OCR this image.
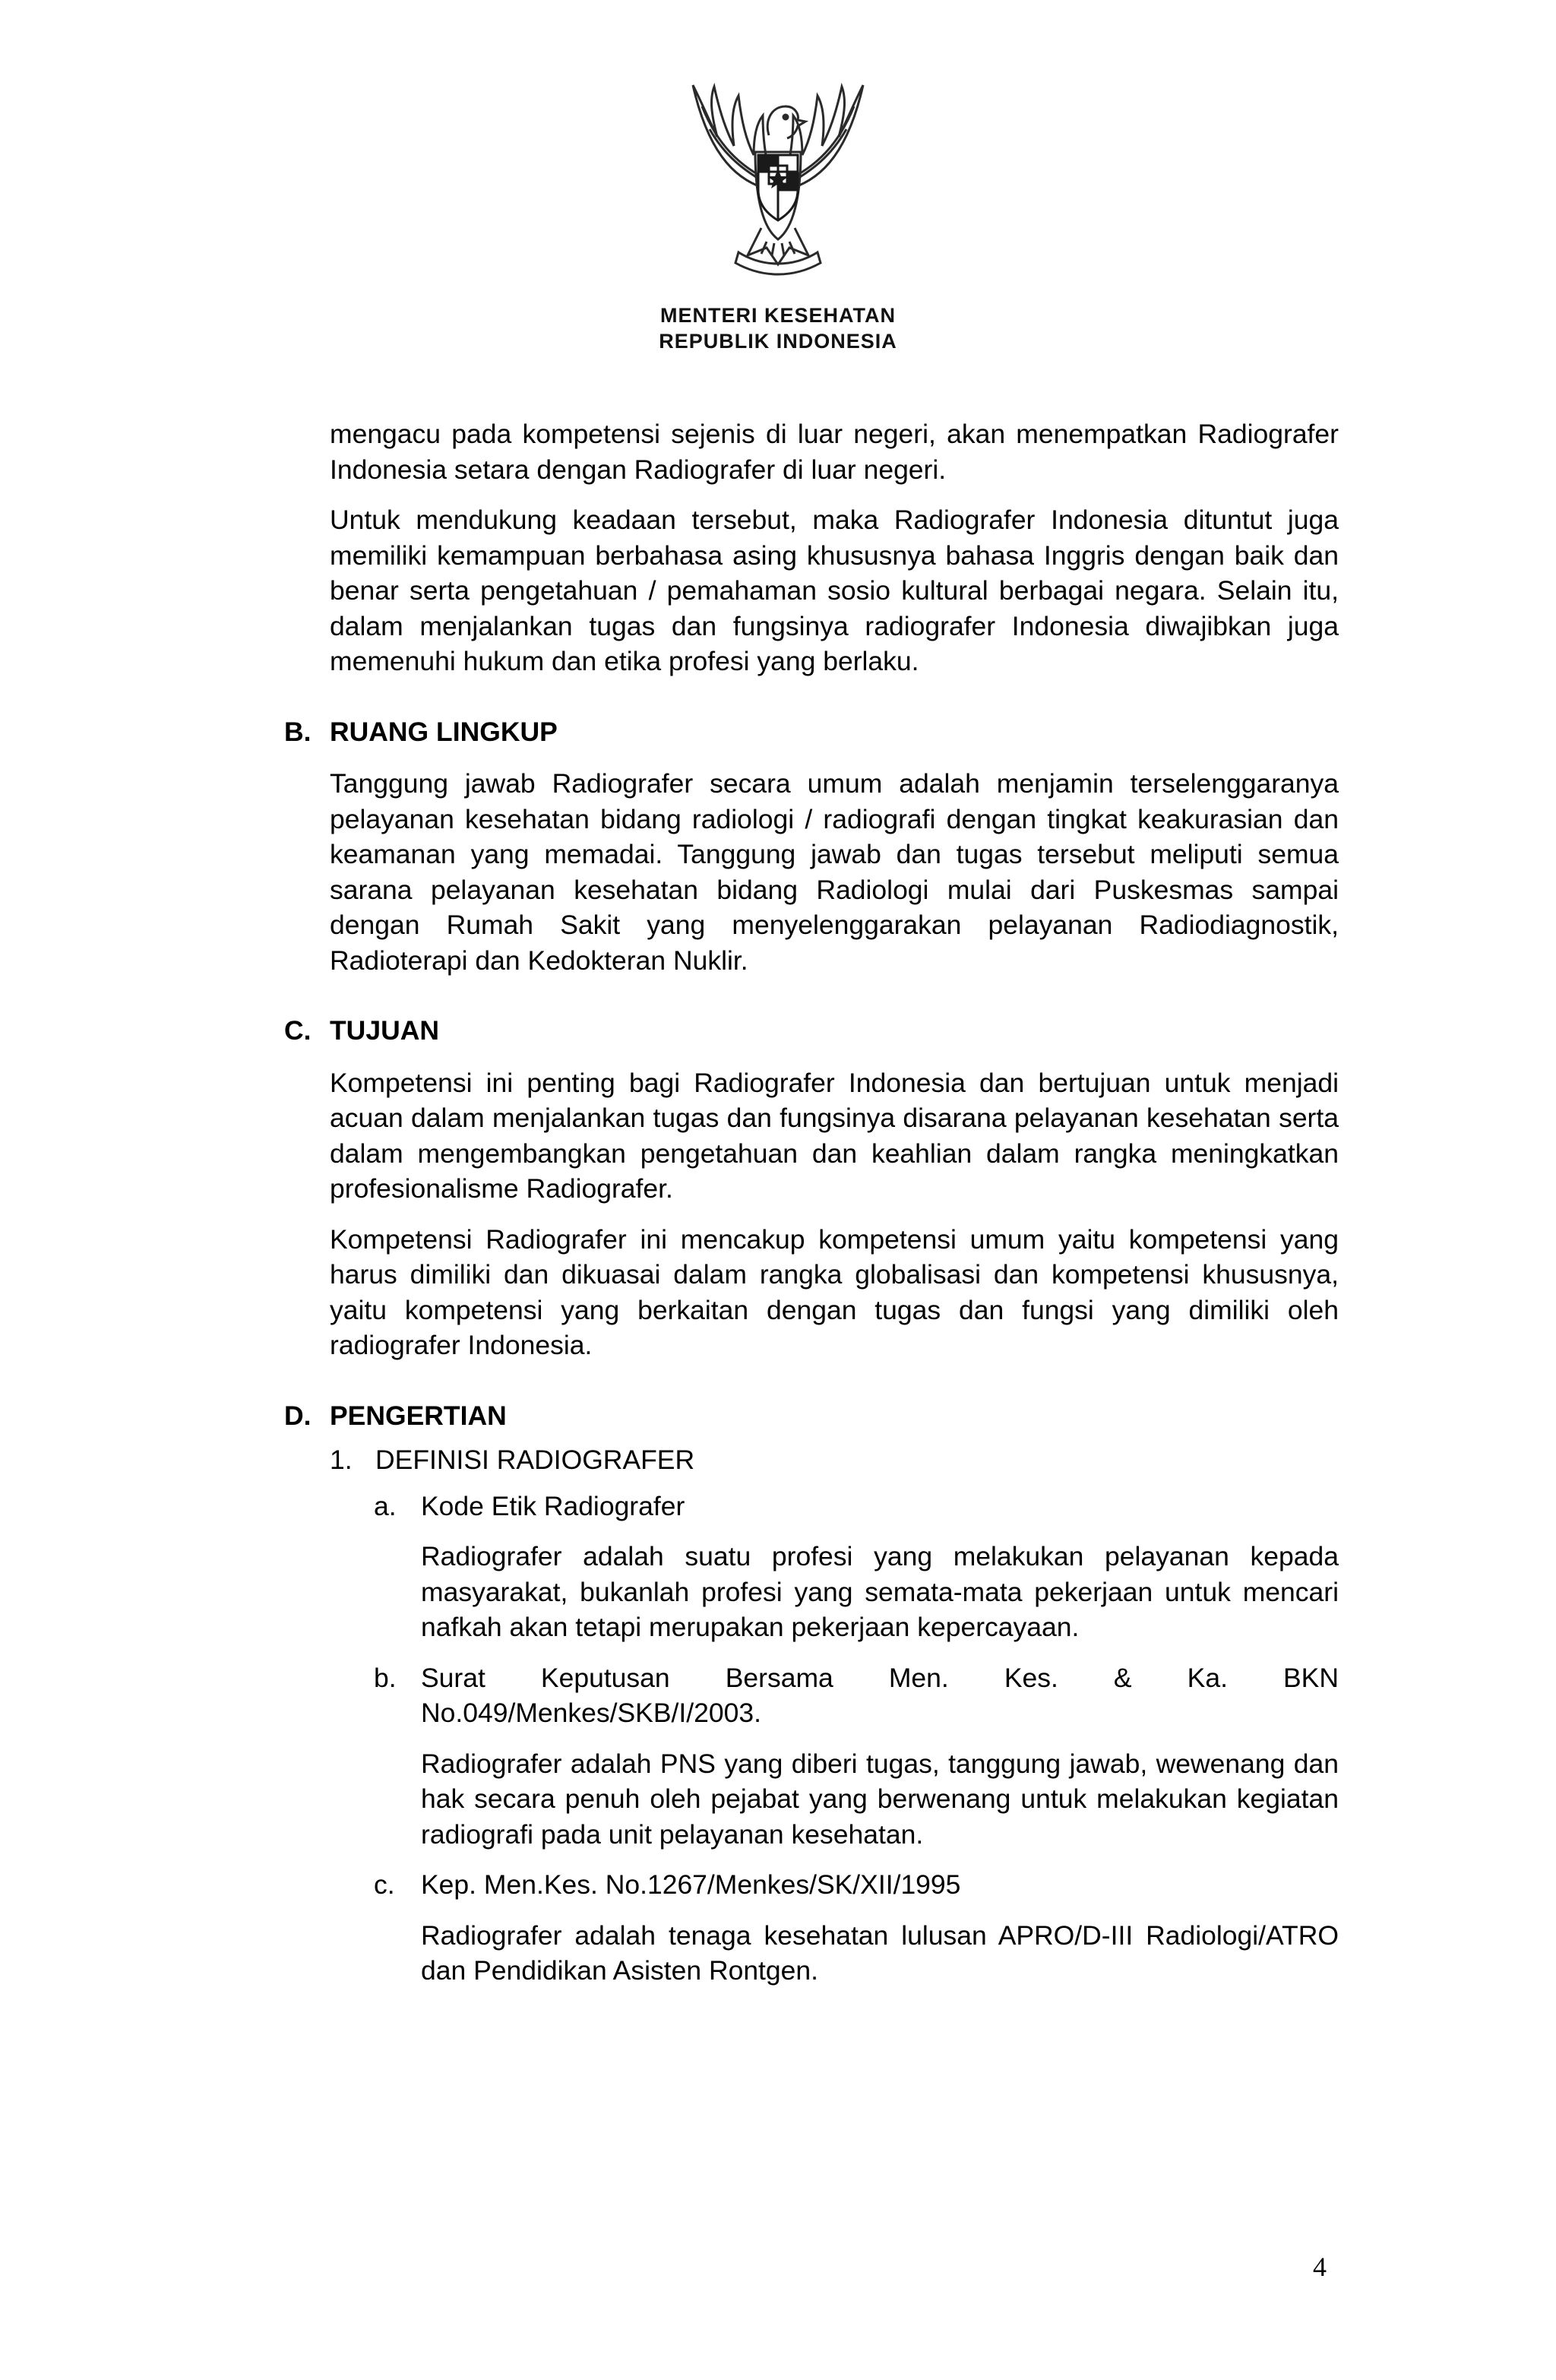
MENTERI KESEHATAN
REPUBLIK INDONESIA

mengacu pada kompetensi sejenis di luar negeri, akan menempatkan Radiografer Indonesia setara dengan Radiografer di luar negeri.

Untuk mendukung keadaan tersebut, maka Radiografer Indonesia dituntut juga memiliki kemampuan berbahasa asing khususnya bahasa Inggris dengan baik dan benar serta pengetahuan / pemahaman sosio kultural berbagai negara. Selain itu, dalam menjalankan tugas dan fungsinya radiografer Indonesia diwajibkan juga memenuhi hukum dan etika profesi yang berlaku.

B. RUANG LINGKUP

Tanggung jawab Radiografer secara umum adalah menjamin terselenggaranya pelayanan kesehatan bidang radiologi / radiografi dengan tingkat keakurasian dan keamanan yang memadai. Tanggung jawab dan tugas tersebut meliputi semua sarana pelayanan kesehatan bidang Radiologi mulai dari Puskesmas sampai dengan Rumah Sakit yang menyelenggarakan pelayanan Radiodiagnostik, Radioterapi dan Kedokteran Nuklir.

C. TUJUAN

Kompetensi ini penting bagi Radiografer Indonesia dan bertujuan untuk menjadi acuan dalam menjalankan tugas dan fungsinya disarana pelayanan kesehatan serta dalam mengembangkan pengetahuan dan keahlian dalam rangka meningkatkan profesionalisme Radiografer.

Kompetensi Radiografer ini mencakup kompetensi umum yaitu kompetensi yang harus dimiliki dan dikuasai dalam rangka globalisasi dan kompetensi khususnya, yaitu kompetensi yang berkaitan dengan tugas dan fungsi yang dimiliki oleh radiografer Indonesia.

D. PENGERTIAN
1. DEFINISI RADIOGRAFER
a. Kode Etik Radiografer

Radiografer adalah suatu profesi yang melakukan pelayanan kepada masyarakat, bukanlah profesi yang semata-mata pekerjaan untuk mencari nafkah akan tetapi merupakan pekerjaan kepercayaan.

b. Surat Keputusan Bersama Men. Kes. & Ka. BKN No.049/Menkes/SKB/I/2003.

Radiografer adalah PNS yang diberi tugas, tanggung jawab, wewenang dan hak secara penuh oleh pejabat yang berwenang untuk melakukan kegiatan radiografi pada unit pelayanan kesehatan.

c. Kep. Men.Kes. No.1267/Menkes/SK/XII/1995

Radiografer adalah tenaga kesehatan lulusan APRO/D-III Radiologi/ATRO dan Pendidikan Asisten Rontgen.

4
